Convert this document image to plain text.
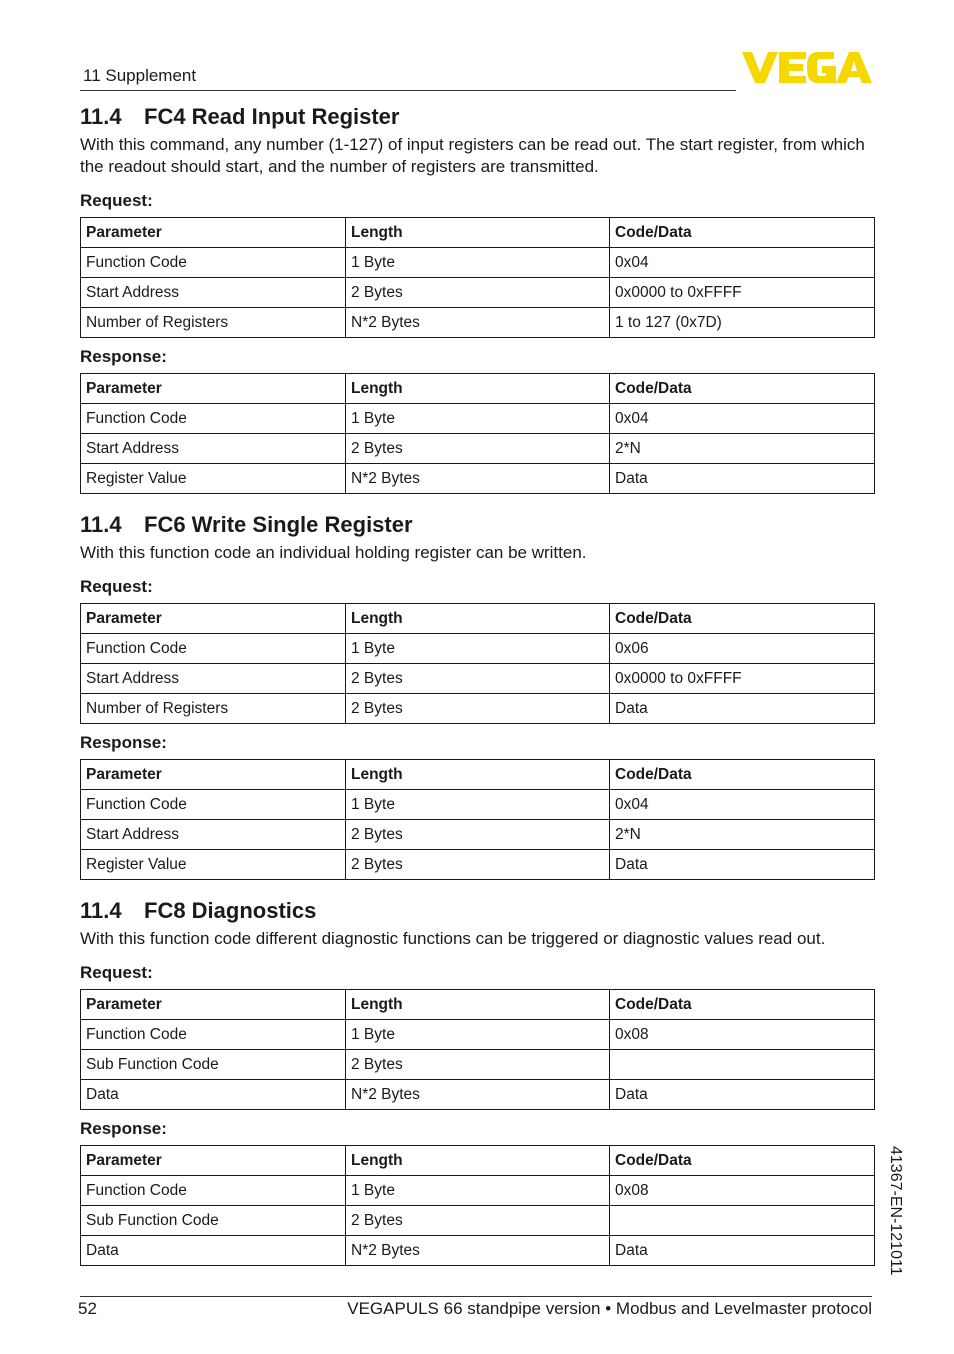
11 Supplement
11.4 FC4 Read Input Register
With this command, any number (1-127) of input registers can be read out. The start register, from which the readout should start, and the number of registers are transmitted.
Request:
Parameter	Length	Code/Data
Function Code	1 Byte	0x04
Start Address	2 Bytes	0x0000 to 0xFFFF
Number of Registers	N*2 Bytes	1 to 127 (0x7D)
Response:
Parameter	Length	Code/Data
Function Code	1 Byte	0x04
Start Address	2 Bytes	2*N
Register Value	N*2 Bytes	Data
11.4 FC6 Write Single Register
With this function code an individual holding register can be written.
Request:
Parameter	Length	Code/Data
Function Code	1 Byte	0x06
Start Address	2 Bytes	0x0000 to 0xFFFF
Number of Registers	2 Bytes	Data
Response:
Parameter	Length	Code/Data
Function Code	1 Byte	0x04
Start Address	2 Bytes	2*N
Register Value	2 Bytes	Data
11.4 FC8 Diagnostics
With this function code different diagnostic functions can be triggered or diagnostic values read out.
Request:
Parameter	Length	Code/Data
Function Code	1 Byte	0x08
Sub Function Code	2 Bytes	
Data	N*2 Bytes	Data
Response:
Parameter	Length	Code/Data
Function Code	1 Byte	0x08
Sub Function Code	2 Bytes	
Data	N*2 Bytes	Data	41367-EN-121011
52	VEGAPULS 66 standpipe version • Modbus and Levelmaster protocol
